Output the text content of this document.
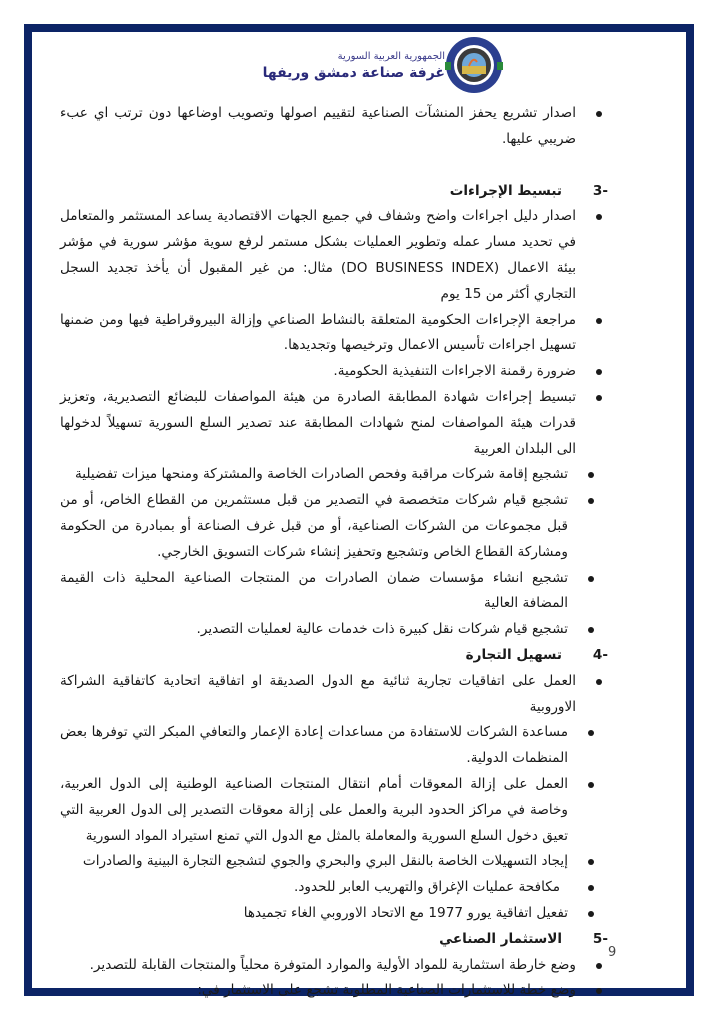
الجمهورية العربية السورية
غرفة صناعة دمشق وريفها

اصدار تشريع يحفز المنشآت الصناعية لتقييم اصولها وتصويب اوضاعها دون ترتب اي عبء ضريبي عليها.

3-
تبسيط الإجراءات

اصدار دليل اجراءات واضح وشفاف في جميع الجهات الاقتصادية يساعد المستثمر والمتعامل في تحديد مسار عمله وتطوير العمليات بشكل مستمر لرفع سوية مؤشر سورية في مؤشر بيئة الاعمال (DO BUSINESS INDEX) مثال: من غير المقبول أن يأخذ تجديد السجل التجاري أكثر من 15 يوم

مراجعة الإجراءات الحكومية المتعلقة بالنشاط الصناعي وإزالة البيروقراطية فيها ومن ضمنها تسهيل اجراءات تأسيس الاعمال وترخيصها وتجديدها.

ضرورة رقمنة الاجراءات التنفيذية الحكومية.

تبسيط إجراءات شهادة المطابقة الصادرة من هيئة المواصفات للبضائع التصديرية، وتعزيز قدرات هيئة المواصفات لمنح شهادات المطابقة عند تصدير السلع السورية تسهيلاً لدخولها الى البلدان العربية

تشجيع إقامة شركات مراقبة وفحص الصادرات الخاصة والمشتركة ومنحها ميزات تفضيلية

تشجيع قيام شركات متخصصة في التصدير من قبل مستثمرين من القطاع الخاص، أو من قبل مجموعات من الشركات الصناعية، أو من قبل غرف الصناعة أو بمبادرة من الحكومة ومشاركة القطاع الخاص وتشجيع وتحفيز إنشاء شركات التسويق الخارجي.

تشجيع انشاء مؤسسات ضمان الصادرات من المنتجات الصناعية المحلية ذات القيمة المضافة العالية

تشجيع قيام شركات نقل كبيرة ذات خدمات عالية لعمليات التصدير.

4-
تسهيل التجارة

العمل على اتفاقيات تجارية ثنائية مع الدول الصديقة او اتفاقية اتحادية كاتفاقية الشراكة الاوروبية

مساعدة الشركات للاستفادة من مساعدات إعادة الإعمار والتعافي المبكر التي توفرها بعض المنظمات الدولية.

العمل على إزالة المعوقات أمام انتقال المنتجات الصناعية الوطنية إلى الدول العربية، وخاصة في مراكز الحدود البرية والعمل على إزالة معوقات التصدير إلى الدول العربية التي تعيق دخول السلع السورية والمعاملة بالمثل مع الدول التي تمنع استيراد المواد السورية

إيجاد التسهيلات الخاصة بالنقل البري والبحري والجوي لتشجيع التجارة البينية والصادرات

مكافحة عمليات الإغراق والتهريب العابر للحدود.

تفعيل اتفاقية يورو 1977 مع الاتحاد الاوروبي الغاء تجميدها

5-
الاستثمار الصناعي

وضع خارطة استثمارية للمواد الأولية والموارد المتوفرة محلياً والمنتجات القابلة للتصدير.

وضع خطة للاستثمارات الصناعية المطلوبة تشجع على الاستثمار في:

9
